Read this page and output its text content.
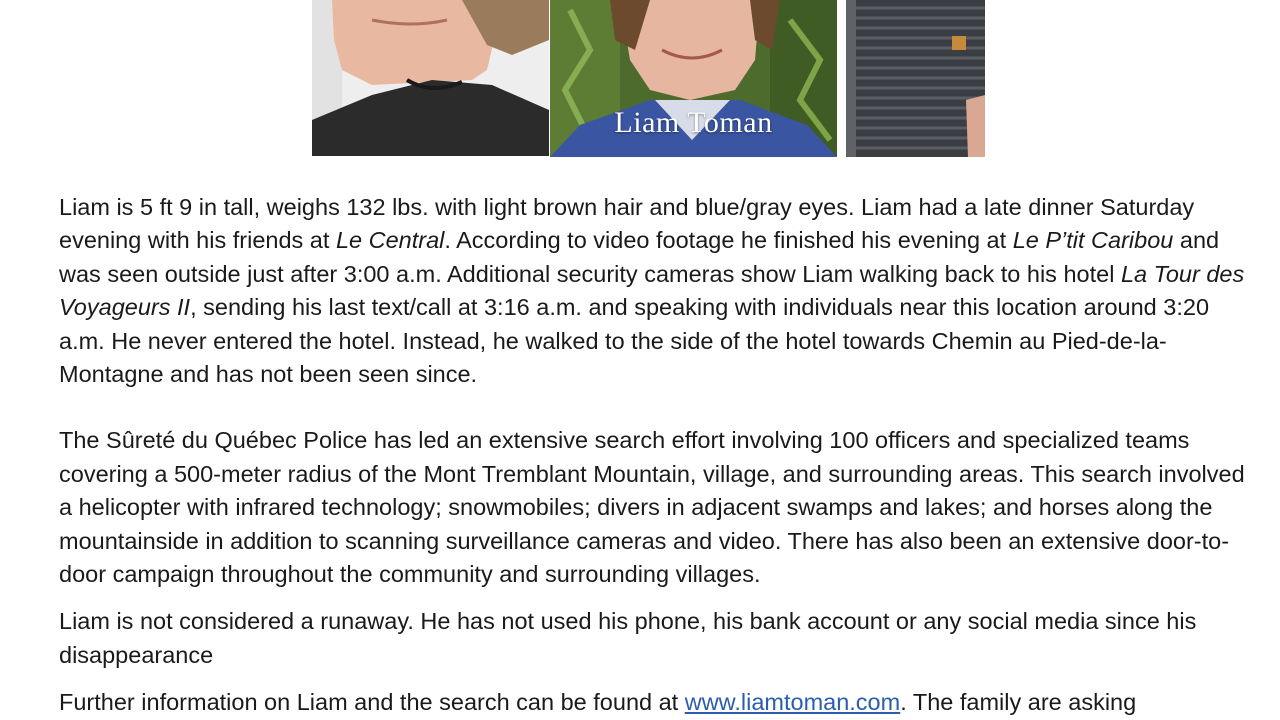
Liam Toman

Liam is 5 ft 9 in tall, weighs 132 lbs. with light brown hair and blue/gray eyes. Liam had a late dinner Saturday evening with his friends at Le Central. According to video footage he finished his evening at Le P’tit Caribou and was seen outside just after 3:00 a.m. Additional security cameras show Liam walking back to his hotel La Tour des Voyageurs II, sending his last text/call at 3:16 a.m. and speaking with individuals near this location around 3:20 a.m. He never entered the hotel. Instead, he walked to the side of the hotel towards Chemin au Pied-de-la-Montagne and has not been seen since.

The Sûreté du Québec Police has led an extensive search effort involving 100 officers and specialized teams covering a 500-meter radius of the Mont Tremblant Mountain, village, and surrounding areas. This search involved a helicopter with infrared technology; snowmobiles; divers in adjacent swamps and lakes; and horses along the mountainside in addition to scanning surveillance cameras and video. There has also been an extensive door-to-door campaign throughout the community and surrounding villages.

Liam is not considered a runaway. He has not used his phone, his bank account or any social media since his disappearance

Further information on Liam and the search can be found at www.liamtoman.com. The family are asking
